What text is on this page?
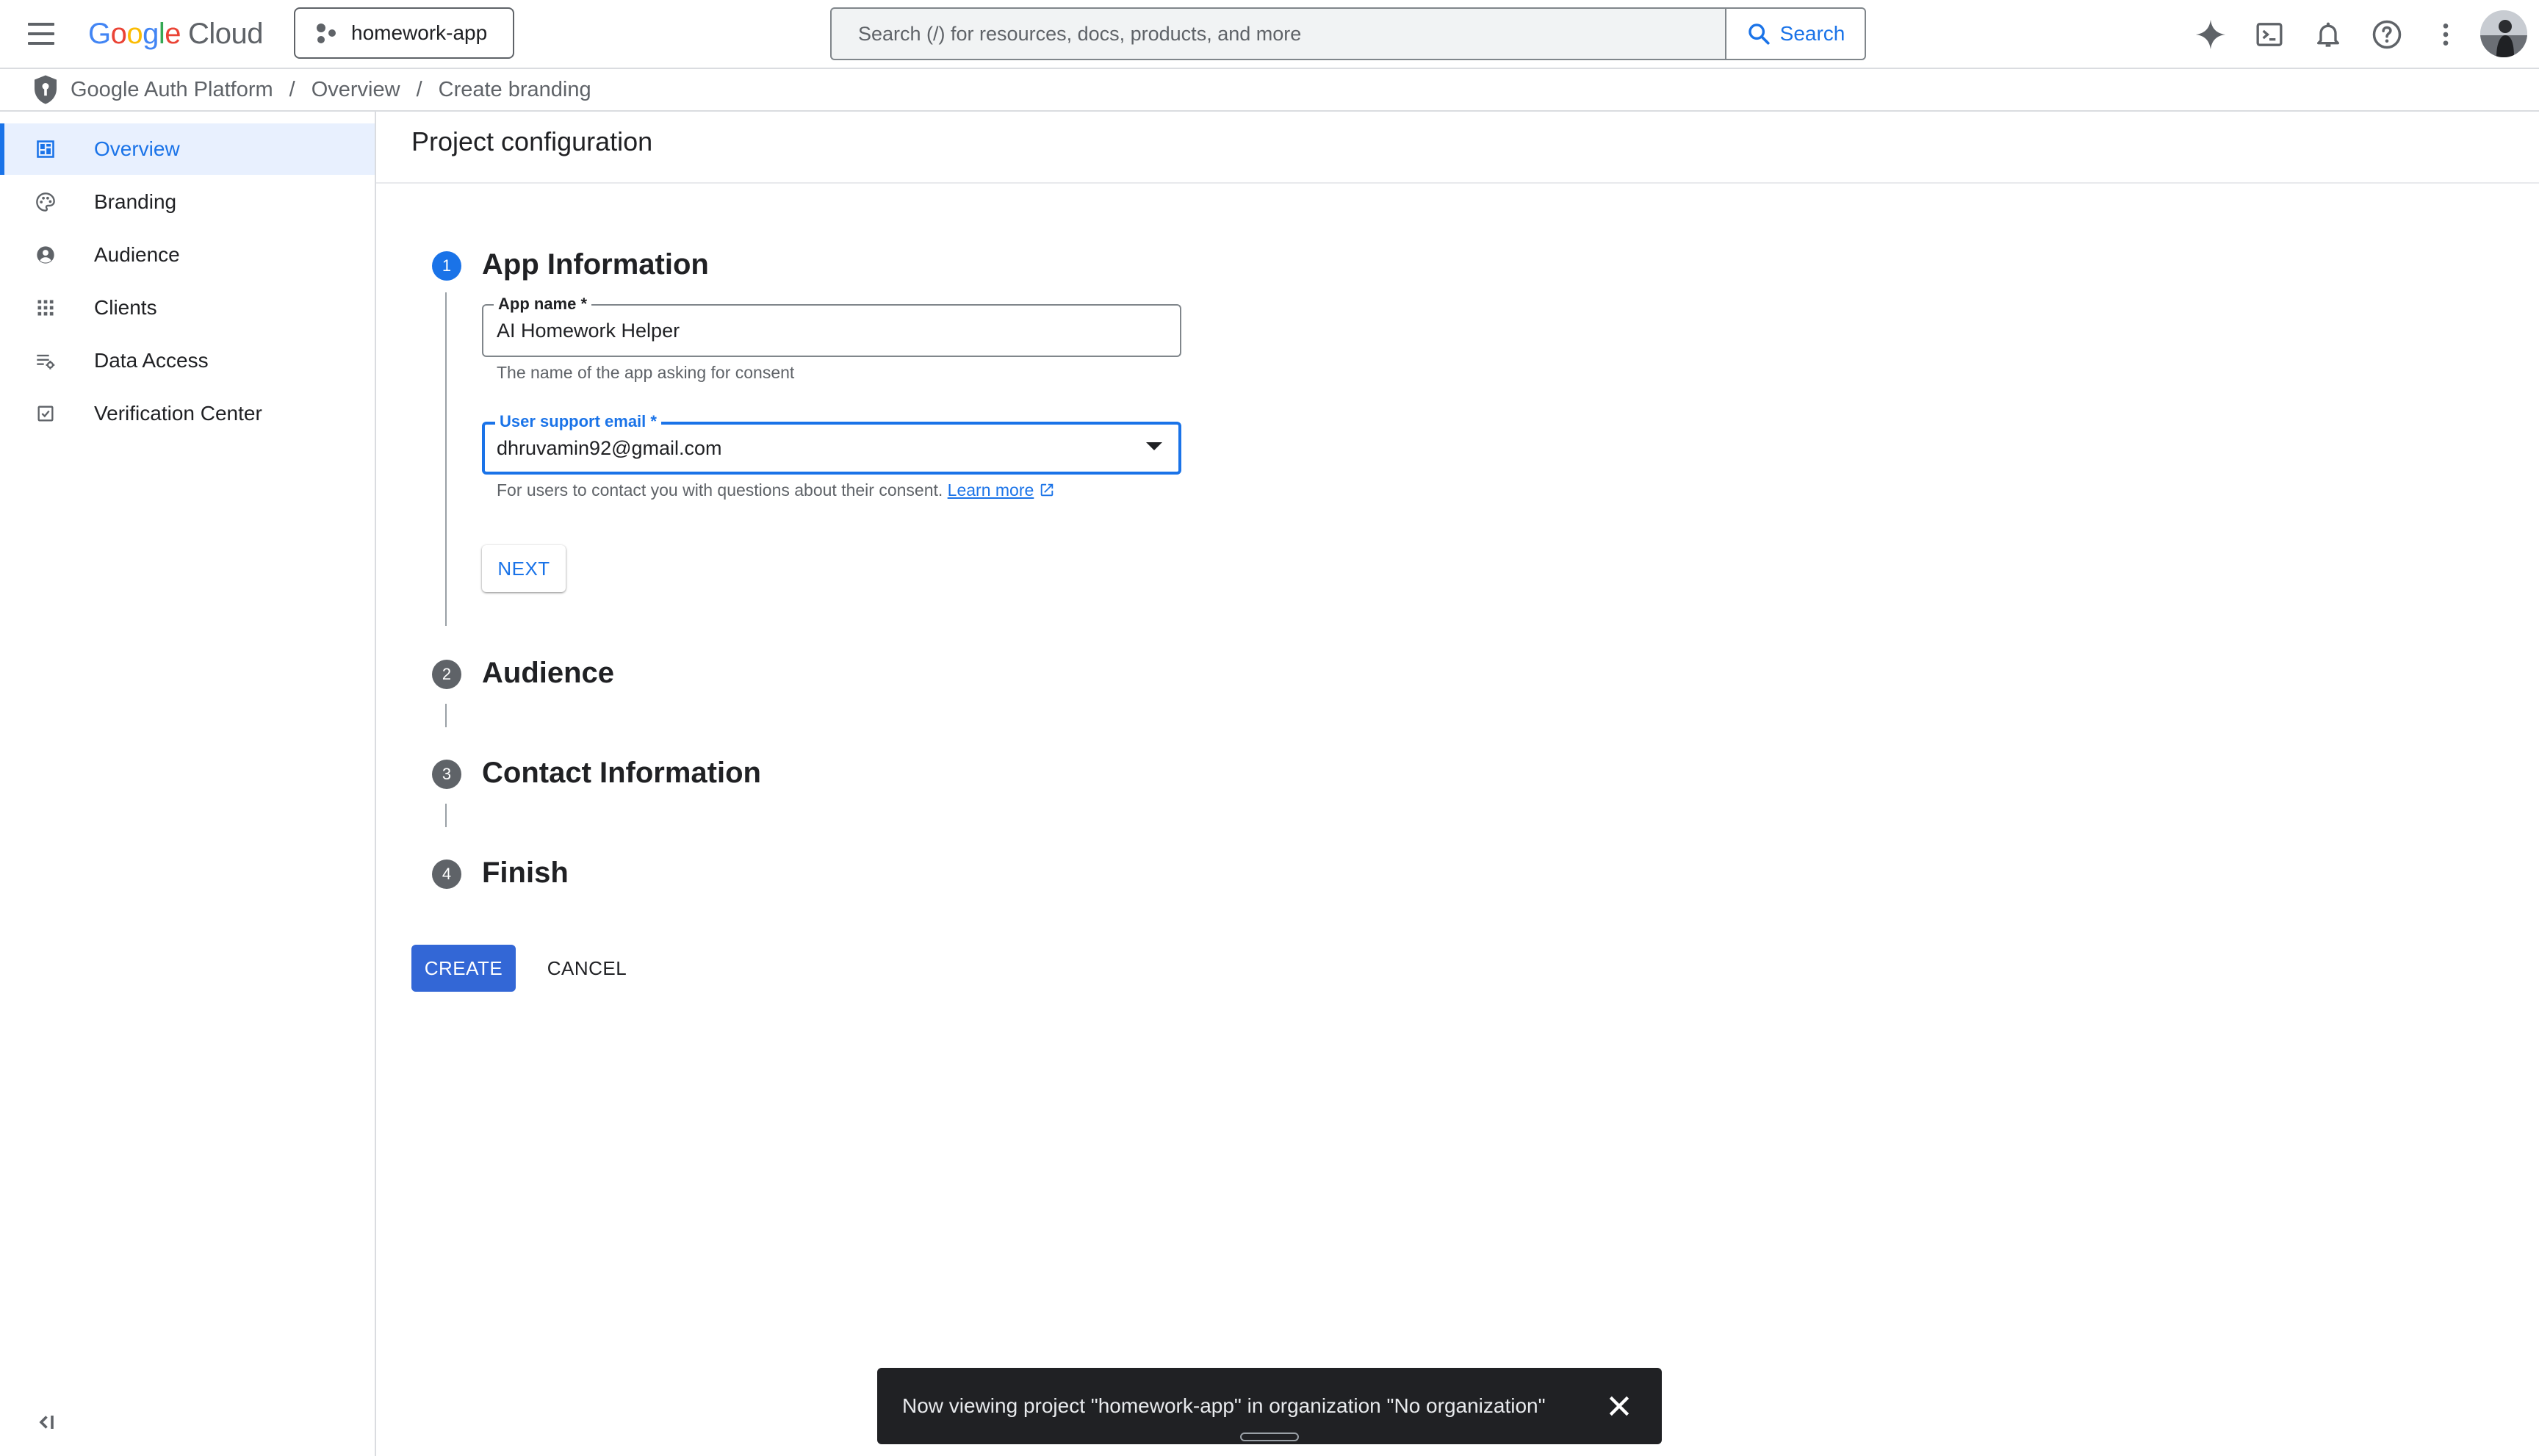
Google Cloud	homework-app
Search (/) for resources, docs, products, and more	Search
Google Auth Platform / Overview / Create branding
Overview
Branding
Audience
Clients
Data Access
Verification Center
Project configuration
1	App Information
App name *
AI Homework Helper
The name of the app asking for consent
User support email *
dhruvamin92@gmail.com
For users to contact you with questions about their consent. Learn more
NEXT
2	Audience
3	Contact Information
4	Finish
CREATE	CANCEL
Now viewing project "homework-app" in organization "No organization"
